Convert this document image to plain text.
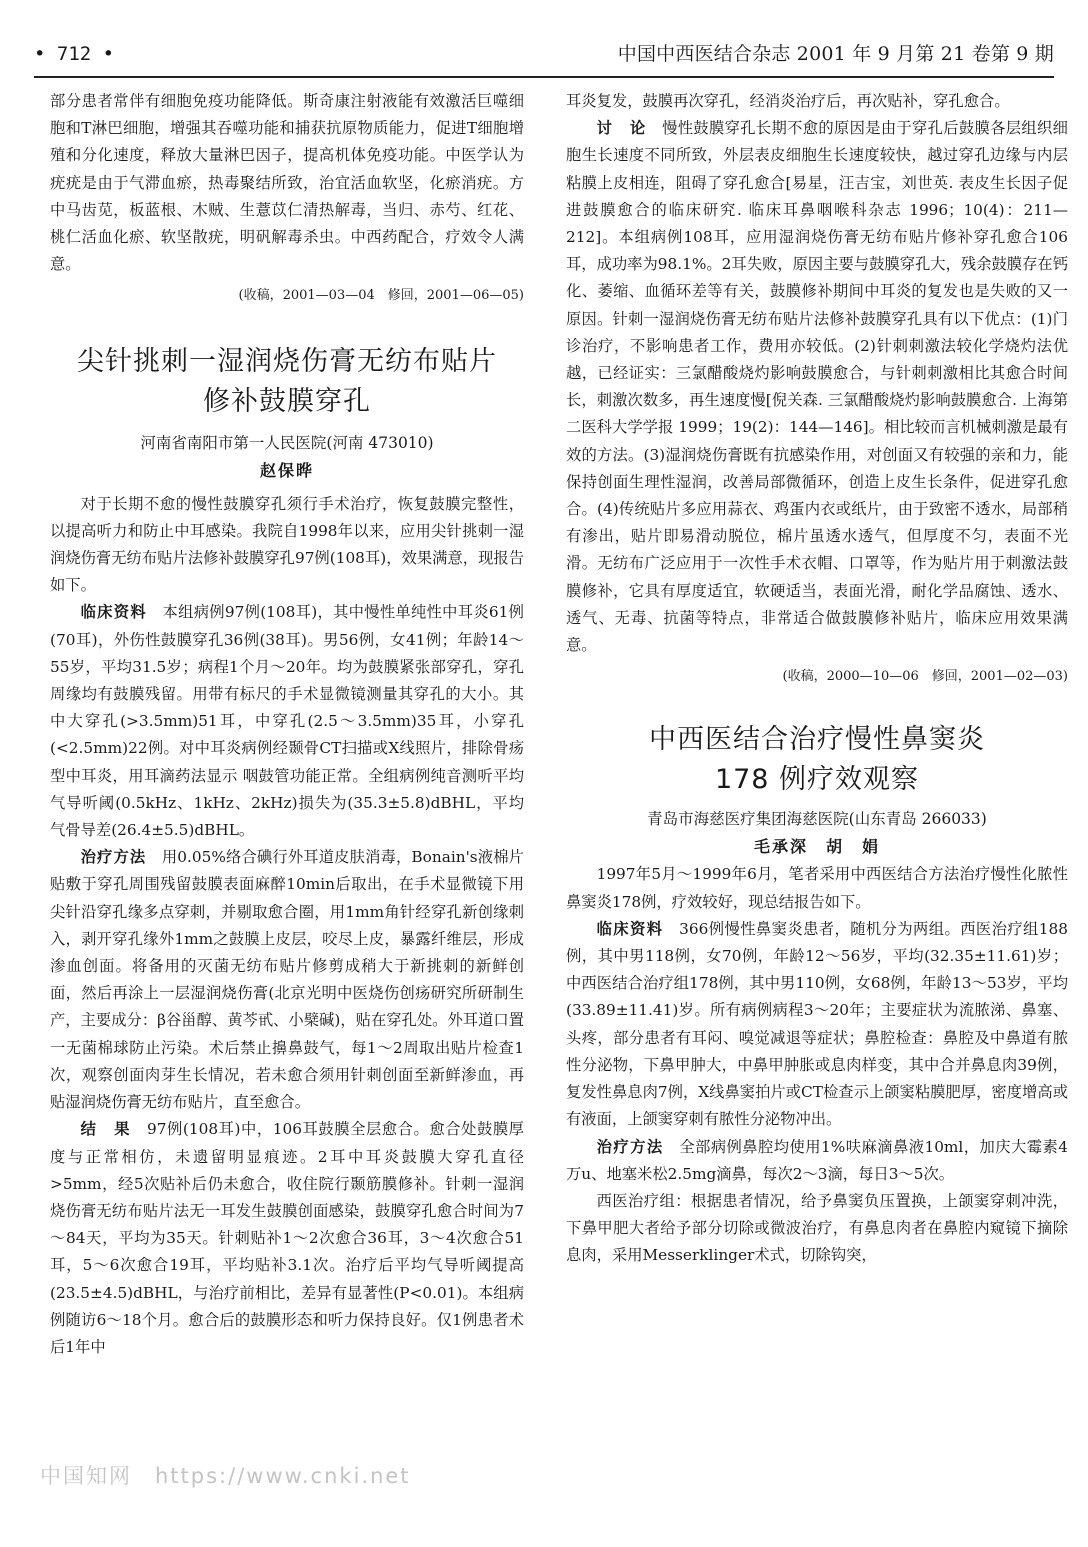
• 712 •	中国中西医结合杂志 2001 年 9 月第 21 卷第 9 期

部分患者常伴有细胞免疫功能降低。斯奇康注射液能有效激活巨噬细胞和T淋巴细胞，增强其吞噬功能和捕获抗原物质能力，促进T细胞增殖和分化速度，释放大量淋巴因子，提高机体免疫功能。中医学认为疣疣是由于气滞血瘀，热毒聚结所致，治宜活血软坚，化瘀消疣。方中马齿苋，板蓝根、木贼、生薏苡仁清热解毒，当归、赤芍、红花、桃仁活血化瘀、软坚散疣，明矾解毒杀虫。中西药配合，疗效令人满意。

(收稿，2001—03—04　修回，2001—06—05)

尖针挑刺一湿润烧伤膏无纺布贴片
修补鼓膜穿孔

河南省南阳市第一人民医院(河南 473010)

赵保晔

对于长期不愈的慢性鼓膜穿孔须行手术治疗，恢复鼓膜完整性，以提高听力和防止中耳感染。我院自1998年以来，应用尖针挑刺一湿润烧伤膏无纺布贴片法修补鼓膜穿孔97例(108耳)，效果满意，现报告如下。

临床资料　 本组病例97例(108耳)，其中慢性单纯性中耳炎61例(70耳)，外伤性鼓膜穿孔36例(38耳)。男56例，女41例；年龄14～55岁，平均31.5岁；病程1个月～20年。均为鼓膜紧张部穿孔，穿孔周缘均有鼓膜残留。用带有标尺的手术显微镜测量其穿孔的大小。其中大穿孔(>3.5mm)51耳，中穿孔(2.5～3.5mm)35耳，小穿孔(<2.5mm)22例。对中耳炎病例经颞骨CT扫描或X线照片，排除骨疡型中耳炎，用耳滴药法显示 咽鼓管功能正常。全组病例纯音测听平均气导听阈(0.5kHz、1kHz、2kHz)损失为(35.3±5.8)dBHL，平均气骨导差(26.4±5.5)dBHL。

治疗方法　 用0.05%络合碘行外耳道皮肤消毒，Bonain's液棉片贴敷于穿孔周围残留鼓膜表面麻醉10min后取出，在手术显微镜下用尖针沿穿孔缘多点穿刺，并剔取愈合圈，用1mm角针经穿孔新创缘刺入，剥开穿孔缘外1mm之鼓膜上皮层，咬尽上皮，暴露纤维层，形成渗血创面。将备用的灭菌无纺布贴片修剪成稍大于新挑刺的新鲜创面，然后再涂上一层湿润烧伤膏(北京光明中医烧伤创疡研究所研制生产，主要成分：β谷甾醇、黄芩甙、小檗碱)，贴在穿孔处。外耳道口置一无菌棉球防止污染。术后禁止擤鼻鼓气，每1～2周取出贴片检查1次，观察创面肉芽生长情况，若未愈合须用针刺创面至新鲜渗血，再贴湿润烧伤膏无纺布贴片，直至愈合。

结　果　 97例(108耳)中，106耳鼓膜全层愈合。愈合处鼓膜厚度与正常相仿，未遗留明显痕迹。2耳中耳炎鼓膜大穿孔直径>5mm，经5次贴补后仍未愈合，收住院行颞筋膜修补。针刺一湿润烧伤膏无纺布贴片法无一耳发生鼓膜创面感染，鼓膜穿孔愈合时间为7～84天，平均为35天。针刺贴补1～2次愈合36耳，3～4次愈合51耳，5～6次愈合19耳，平均贴补3.1次。治疗后平均气导听阈提高(23.5±4.5)dBHL，与治疗前相比，差异有显著性(P<0.01)。本组病例随访6～18个月。愈合后的鼓膜形态和听力保持良好。仅1例患者术后1年中

耳炎复发，鼓膜再次穿孔，经消炎治疗后，再次贴补，穿孔愈合。

讨　论　 慢性鼓膜穿孔长期不愈的原因是由于穿孔后鼓膜各层组织细胞生长速度不同所致，外层表皮细胞生长速度较快，越过穿孔边缘与内层粘膜上皮相连，阻碍了穿孔愈合[易星，汪吉宝，刘世英. 表皮生长因子促进鼓膜愈合的临床研究. 临床耳鼻咽喉科杂志 1996；10(4)：211—212]。本组病例108耳，应用湿润烧伤膏无纺布贴片修补穿孔愈合106耳，成功率为98.1%。2耳失败，原因主要与鼓膜穿孔大，残余鼓膜存在钙化、萎缩、血循环差等有关，鼓膜修补期间中耳炎的复发也是失败的又一原因。针刺一湿润烧伤膏无纺布贴片法修补鼓膜穿孔具有以下优点：(1)门诊治疗，不影响患者工作，费用亦较低。(2)针刺刺激法较化学烧灼法优越，已经证实：三氯醋酸烧灼影响鼓膜愈合，与针刺刺激相比其愈合时间长，刺激次数多，再生速度慢[倪关森. 三氯醋酸烧灼影响鼓膜愈合. 上海第二医科大学学报 1999；19(2)：144—146]。相比较而言机械刺激是最有效的方法。(3)湿润烧伤膏既有抗感染作用，对创面又有较强的亲和力，能保持创面生理性湿润，改善局部微循环，创造上皮生长条件，促进穿孔愈合。(4)传统贴片多应用蒜衣、鸡蛋内衣或纸片，由于致密不透水，局部稍有渗出，贴片即易滑动脱位，棉片虽透水透气，但厚度不匀，表面不光滑。无纺布广泛应用于一次性手术衣帽、口罩等，作为贴片用于刺激法鼓膜修补，它具有厚度适宜，软硬适当，表面光滑，耐化学品腐蚀、透水、透气、无毒、抗菌等特点，非常适合做鼓膜修补贴片，临床应用效果满意。

(收稿，2000—10—06　修回，2001—02—03)

中西医结合治疗慢性鼻窦炎
178 例疗效观察

青岛市海慈医疗集团海慈医院(山东青岛 266033)

毛承深　胡　娟

1997年5月～1999年6月，笔者采用中西医结合方法治疗慢性化脓性鼻窦炎178例，疗效较好，现总结报告如下。

临床资料　 366例慢性鼻窦炎患者，随机分为两组。西医治疗组188例，其中男118例，女70例，年龄12～56岁，平均(32.35±11.61)岁；中西医结合治疗组178例，其中男110例，女68例，年龄13～53岁，平均(33.89±11.41)岁。所有病例病程3～20年；主要症状为流脓涕、鼻塞、头疼，部分患者有耳闷、嗅觉减退等症状；鼻腔检查：鼻腔及中鼻道有脓性分泌物，下鼻甲肿大，中鼻甲肿胀或息肉样变，其中合并鼻息肉39例，复发性鼻息肉7例，X线鼻窦拍片或CT检查示上颌窦粘膜肥厚，密度增高或有液面，上颌窦穿刺有脓性分泌物冲出。

治疗方法　 全部病例鼻腔均使用1%呋麻滴鼻液10ml，加庆大霉素4万u、地塞米松2.5mg滴鼻，每次2～3滴，每日3～5次。

西医治疗组：根据患者情况，给予鼻窦负压置换，上颌窦穿刺冲洗，下鼻甲肥大者给予部分切除或微波治疗，有鼻息肉者在鼻腔内窥镜下摘除息肉，采用Messerklinger术式，切除钩突，

中国知网　https://www.cnki.net
